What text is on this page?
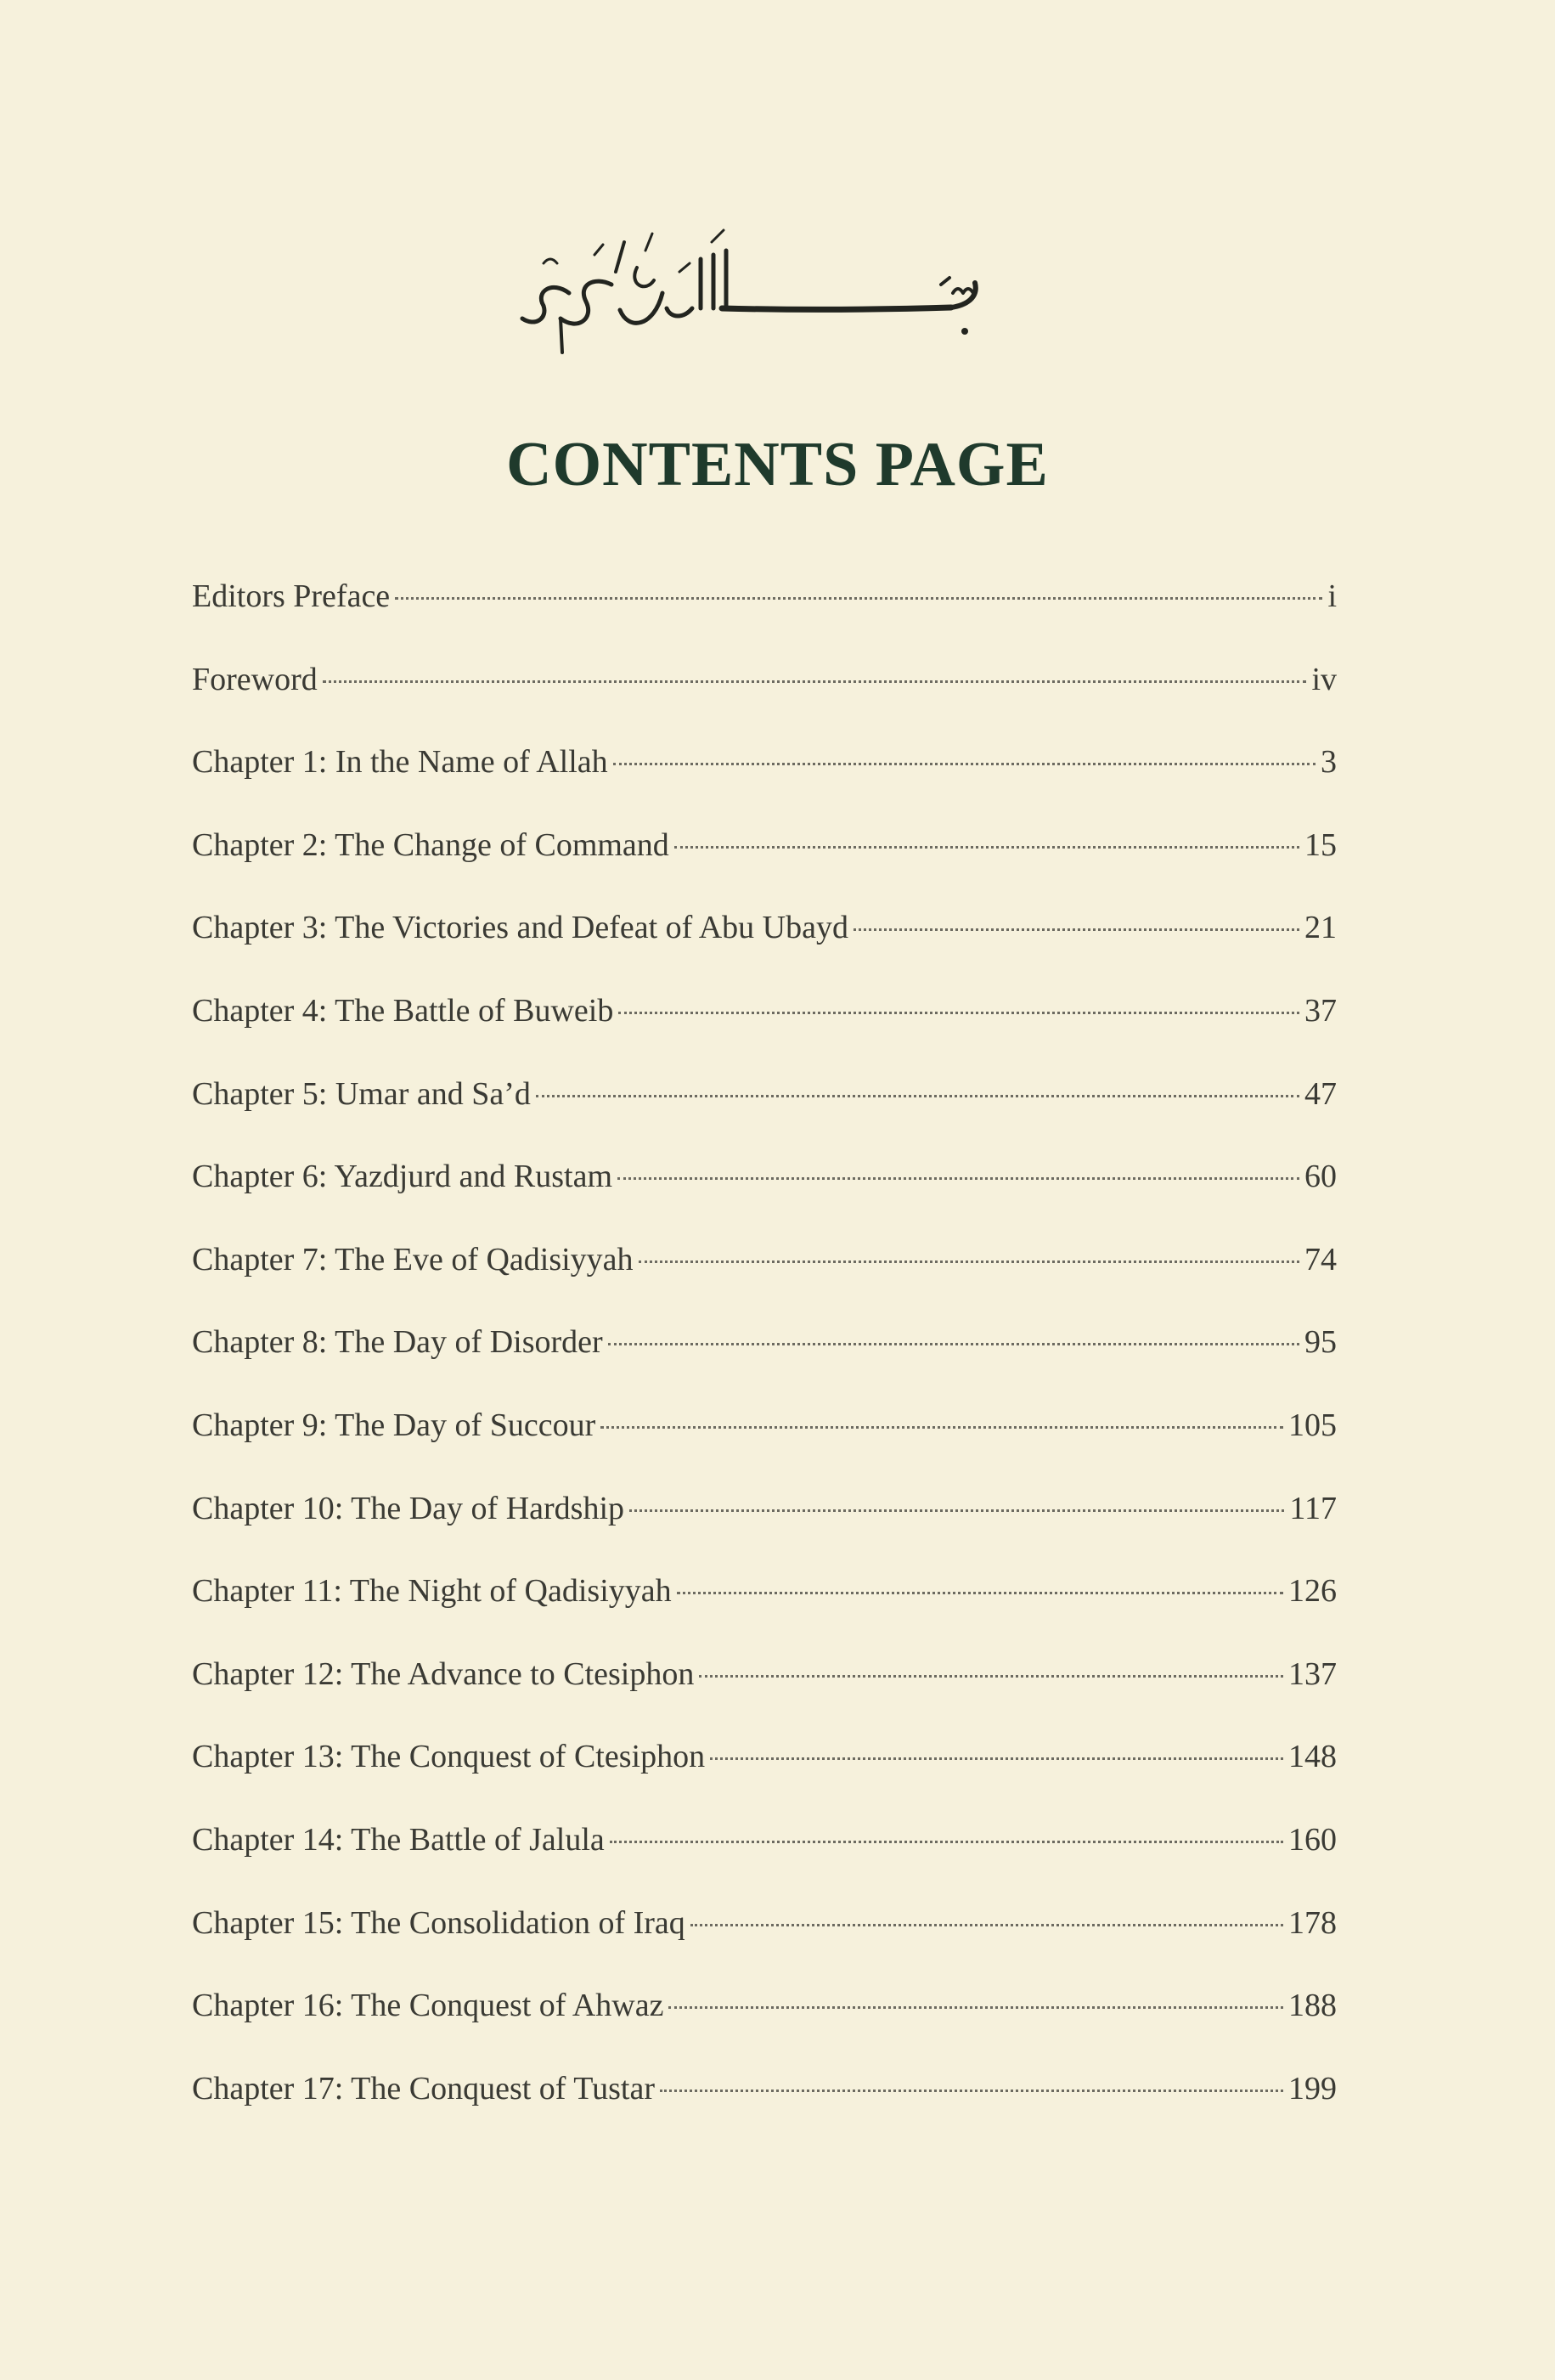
CONTENTS PAGE
Editors Preface	i
Foreword	iv
Chapter 1: In the Name of Allah	3
Chapter 2: The Change of Command	15
Chapter 3: The Victories and Defeat of Abu Ubayd	21
Chapter 4: The Battle of Buweib	37
Chapter 5: Umar and Sa’d	47
Chapter 6: Yazdjurd and Rustam	60
Chapter 7: The Eve of Qadisiyyah	74
Chapter 8: The Day of Disorder	95
Chapter 9: The Day of Succour	105
Chapter 10: The Day of Hardship	117
Chapter 11: The Night of Qadisiyyah	126
Chapter 12: The Advance to Ctesiphon	137
Chapter 13: The Conquest of Ctesiphon	148
Chapter 14: The Battle of Jalula	160
Chapter 15: The Consolidation of Iraq	178
Chapter 16: The Conquest of Ahwaz	188
Chapter 17: The Conquest of Tustar	199
